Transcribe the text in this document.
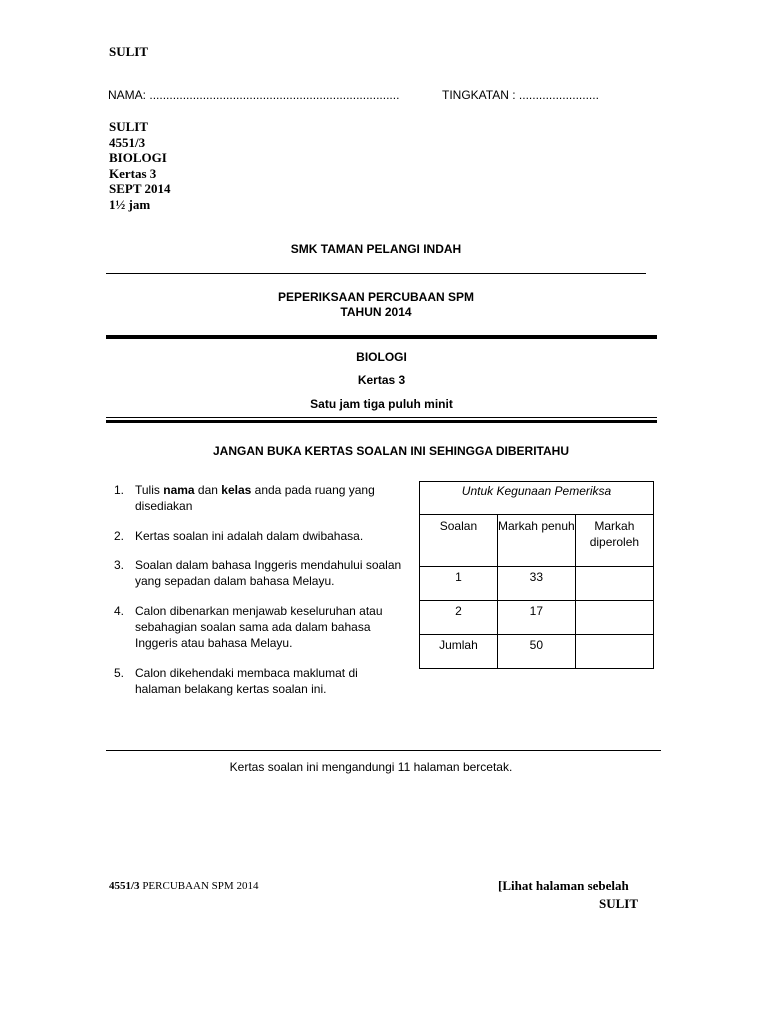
SULIT
NAMA: ...........................................................................	TINGKATAN : ........................
SULIT
4551/3
BIOLOGI
Kertas 3
SEPT 2014
1½ jam
SMK TAMAN PELANGI INDAH
PEPERIKSAAN PERCUBAAN SPM
TAHUN 2014
BIOLOGI
Kertas 3
Satu jam tiga puluh minit
JANGAN BUKA KERTAS SOALAN INI SEHINGGA DIBERITAHU
1. Tulis nama dan kelas anda pada ruang yang disediakan
2. Kertas soalan ini adalah dalam dwibahasa.
3. Soalan dalam bahasa Inggeris mendahului soalan yang sepadan dalam bahasa Melayu.
4. Calon dibenarkan menjawab keseluruhan atau sebahagian soalan sama ada dalam bahasa Inggeris atau bahasa Melayu.
5. Calon dikehendaki membaca maklumat di halaman belakang kertas soalan ini.
Untuk Kegunaan Pemeriksa		
Soalan	Markah penuh	Markah diperoleh
1	33	
2	17	
Jumlah	50	
Kertas soalan ini mengandungi 11 halaman bercetak.
4551/3 PERCUBAAN SPM 2014	[Lihat halaman sebelah
SULIT
